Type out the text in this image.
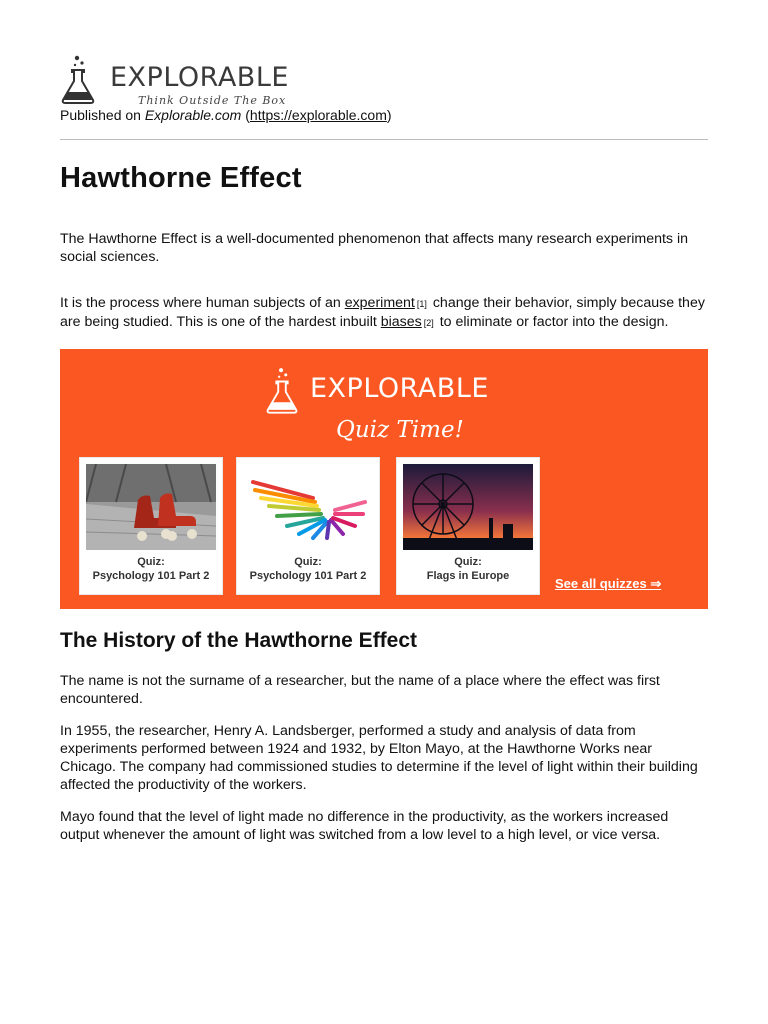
EXPLORABLE
Think Outside The Box
Published on Explorable.com (https://explorable.com)
Hawthorne Effect

The Hawthorne Effect is a well-documented phenomenon that affects many research experiments in social sciences.

It is the process where human subjects of an experiment [1] change their behavior, simply because they are being studied. This is one of the hardest inbuilt biases [2] to eliminate or factor into the design.

EXPLORABLE
Quiz Time!
Quiz:
Psychology 101 Part 2
Quiz:
Psychology 101 Part 2
Quiz:
Flags in Europe	See all quizzes ⇒
The History of the Hawthorne Effect

The name is not the surname of a researcher, but the name of a place where the effect was first encountered.

In 1955, the researcher, Henry A. Landsberger, performed a study and analysis of data from experiments performed between 1924 and 1932, by Elton Mayo, at the Hawthorne Works near Chicago. The company had commissioned studies to determine if the level of light within their building affected the productivity of the workers.

Mayo found that the level of light made no difference in the productivity, as the workers increased output whenever the amount of light was switched from a low level to a high level, or vice versa.
